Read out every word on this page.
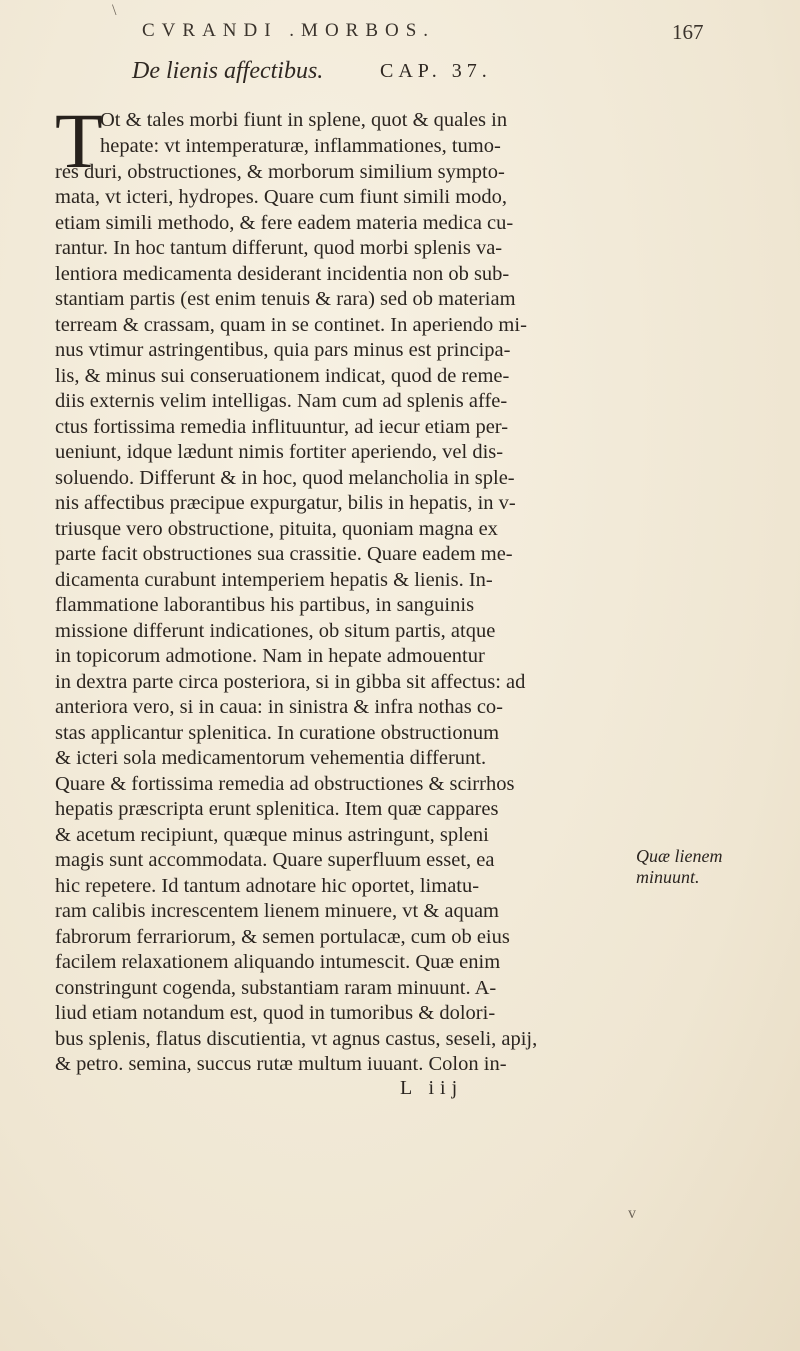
CVRANDI .MORBOS.	167
De lienis affectibus.	CAP. 37.
T
Ot & tales morbi fiunt in splene, quot & quales in
hepate: vt intemperaturæ, inflammationes, tumo-
res duri, obstructiones, & morborum similium sympto-
mata, vt icteri, hydropes. Quare cum fiunt simili modo,
etiam simili methodo, & fere eadem materia medica cu-
rantur. In hoc tantum differunt, quod morbi splenis va-
lentiora medicamenta desiderant incidentia non ob sub-
stantiam partis (est enim tenuis & rara) sed ob materiam
terream & crassam, quam in se continet. In aperiendo mi-
nus vtimur astringentibus, quia pars minus est principa-
lis, & minus sui conseruationem indicat, quod de reme-
diis externis velim intelligas. Nam cum ad splenis affe-
ctus fortissima remedia inflituuntur, ad iecur etiam per-
ueniunt, idque lædunt nimis fortiter aperiendo, vel dis-
soluendo. Differunt & in hoc, quod melancholia in sple-
nis affectibus præcipue expurgatur, bilis in hepatis, in v-
triusque vero obstructione, pituita, quoniam magna ex
parte facit obstructiones sua crassitie. Quare eadem me-
dicamenta curabunt intemperiem hepatis & lienis. In-
flammatione laborantibus his partibus, in sanguinis
missione differunt indicationes, ob situm partis, atque
in topicorum admotione. Nam in hepate admouentur
in dextra parte circa posteriora, si in gibba sit affectus: ad
anteriora vero, si in caua: in sinistra & infra nothas co-
stas applicantur splenitica. In curatione obstructionum
& icteri sola medicamentorum vehementia differunt.
Quare & fortissima remedia ad obstructiones & scirrhos
hepatis præscripta erunt splenitica. Item quæ cappares
& acetum recipiunt, quæque minus astringunt, spleni
magis sunt accommodata. Quare superfluum esset, ea
hic repetere. Id tantum adnotare hic oportet, limatu-
ram calibis increscentem lienem minuere, vt & aquam
fabrorum ferrariorum, & semen portulacæ, cum ob eius
facilem relaxationem aliquando intumescit. Quæ enim
constringunt cogenda, substantiam raram minuunt. A-
liud etiam notandum est, quod in tumoribus & dolori-
bus splenis, flatus discutientia, vt agnus castus, seseli, apij,
& petro. semina, succus rutæ multum iuuant. Colon in-
Quæ lienem
minuunt.
L iij
\
v
